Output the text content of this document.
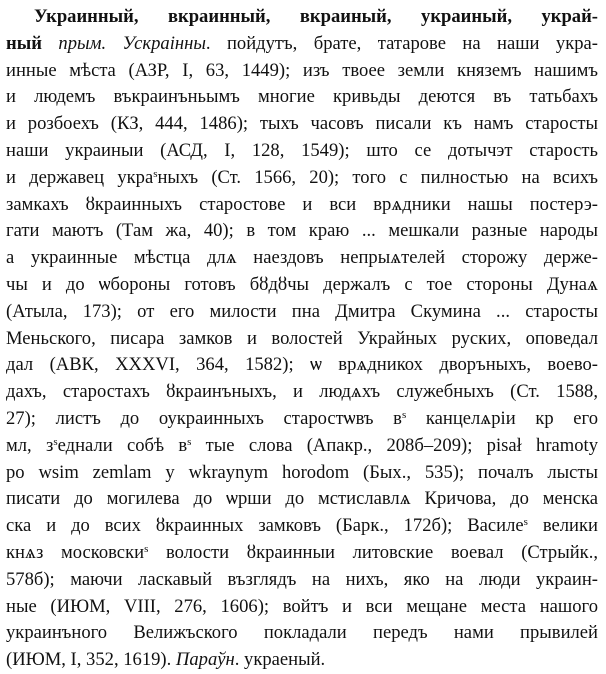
Украинный, вкраинный, вкраиный, украиный, украй-
ный прым. Ускраiнны. пойдутъ, брате, татарове на наши укра-
инные мѣстa (АЗР, I, 63, 1449); изъ твоее земли княземъ нашимъ
и людемъ въкраинъньымъ многие кривьды деются въ татьбахъ
и розбоехъ (КЗ, 444, 1486); тыхъ часовъ писали къ намъ старосты
наши украиныи (АСД, I, 128, 1549); што се дотычэт старость
и державец укра$^s$ныхъ (Ст. 1566, 20); того с пилностью на всихъ
замкахъ ȣкраинныхъ старостове и вси врѧдники нашы постерэ-
гати маютъ (Там жа, 40); в том краю ... мешкали разные народы
а украинные мѣстца длѧ наездовъ непрыѧтелей сторожу держе-
чы и до ѡбороны готовъ бȣдȣчы держалъ с тое стороны Дунаѧ
(Атыла, 173); от его милости пна Дмитра Скумина ... старосты
Меньского, писара замков и волостей Украйных руских, оповедал
дал (АВК, XXXVI, 364, 1582); ѡ врѧдникох дворъныхъ, воево-
дахъ, старостахъ ȣкраинъныхъ, и людѧхъ служебныхъ (Ст. 1588,
27); листъ до оукраинныхъ старостѡвъ $в^s$ канцелѧрiи кр его
мл, $з^sеднали$ собѣ $в^s$ тые слова (Апакр., 208б–209); pisał hramoty
po wsim zemlam y wkraynym horodom (Бых., 535); почалъ лысты
писати до могилева до ѡрши до мстиславлѧ Кричова, до менска
ска и до всих ȣкраинных замковъ (Барк., 172б); Василе$^s$ велики
кнѧз московски$^s$ волости ȣкраинныи литовские воевал (Стрыйк.,
578б); маючи ласкавый възглядъ на нихъ, яко на люди украин-
ные (ИЮМ, VIII, 276, 1606); войтъ и вси мещане места нашого
украинъного Велижъского покладали передъ нами прывилей
(ИЮМ, I, 352, 1619). Параўн. украеный.
